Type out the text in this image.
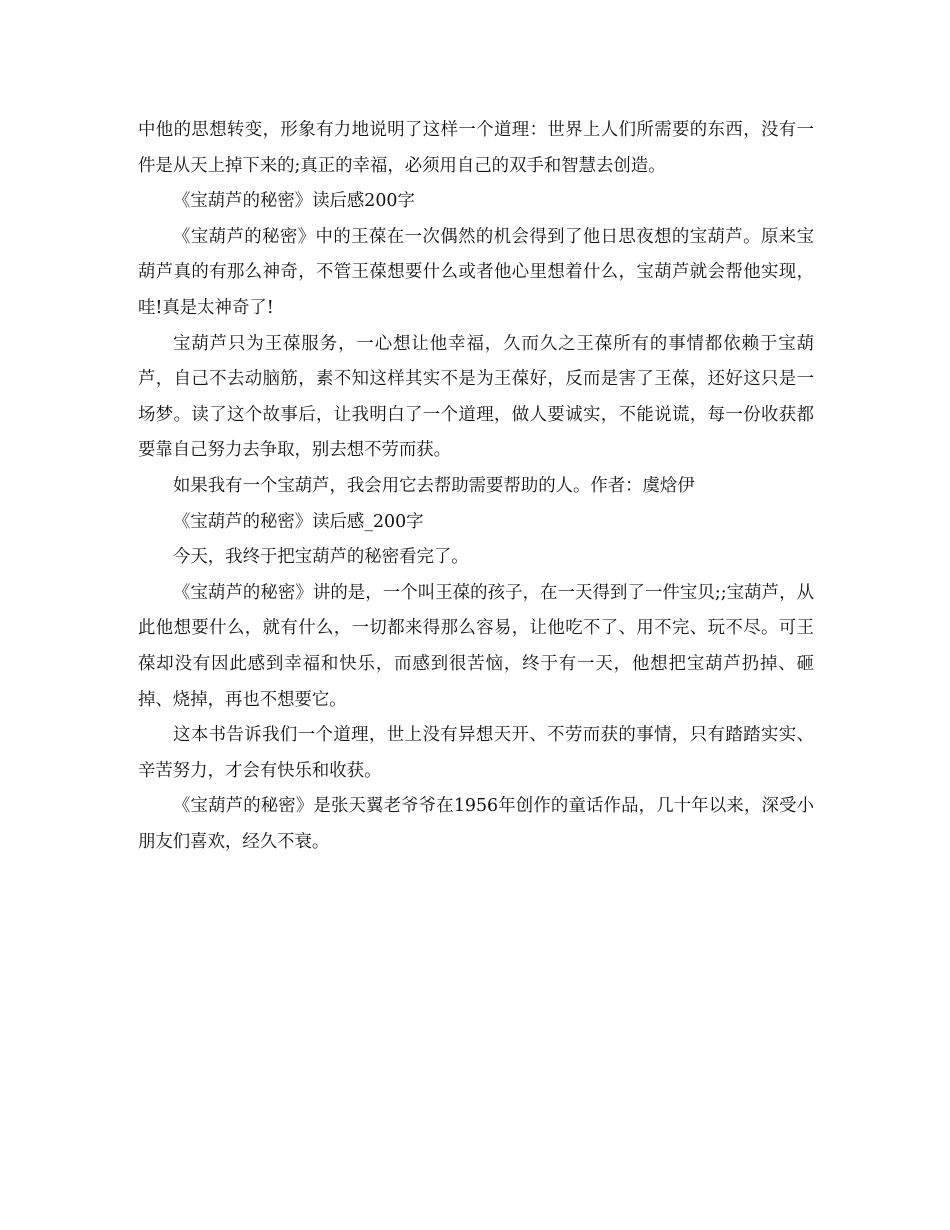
中他的思想转变，形象有力地说明了这样一个道理：世界上人们所需要的东西，没有一件是从天上掉下来的;真正的幸福，必须用自己的双手和智慧去创造。

《宝葫芦的秘密》读后感200字

《宝葫芦的秘密》中的王葆在一次偶然的机会得到了他日思夜想的宝葫芦。原来宝葫芦真的有那么神奇，不管王葆想要什么或者他心里想着什么，宝葫芦就会帮他实现，哇!真是太神奇了!

宝葫芦只为王葆服务，一心想让他幸福，久而久之王葆所有的事情都依赖于宝葫芦，自己不去动脑筋，素不知这样其实不是为王葆好，反而是害了王葆，还好这只是一场梦。读了这个故事后，让我明白了一个道理，做人要诚实，不能说谎，每一份收获都要靠自己努力去争取，别去想不劳而获。

如果我有一个宝葫芦，我会用它去帮助需要帮助的人。作者：虞焓伊

《宝葫芦的秘密》读后感_200字

今天，我终于把宝葫芦的秘密看完了。

《宝葫芦的秘密》讲的是，一个叫王葆的孩子，在一天得到了一件宝贝;;宝葫芦，从此他想要什么，就有什么，一切都来得那么容易，让他吃不了、用不完、玩不尽。可王葆却没有因此感到幸福和快乐，而感到很苦恼，终于有一天，他想把宝葫芦扔掉、砸掉、烧掉，再也不想要它。

这本书告诉我们一个道理，世上没有异想天开、不劳而获的事情，只有踏踏实实、辛苦努力，才会有快乐和收获。

《宝葫芦的秘密》是张天翼老爷爷在1956年创作的童话作品，几十年以来，深受小朋友们喜欢，经久不衰。
